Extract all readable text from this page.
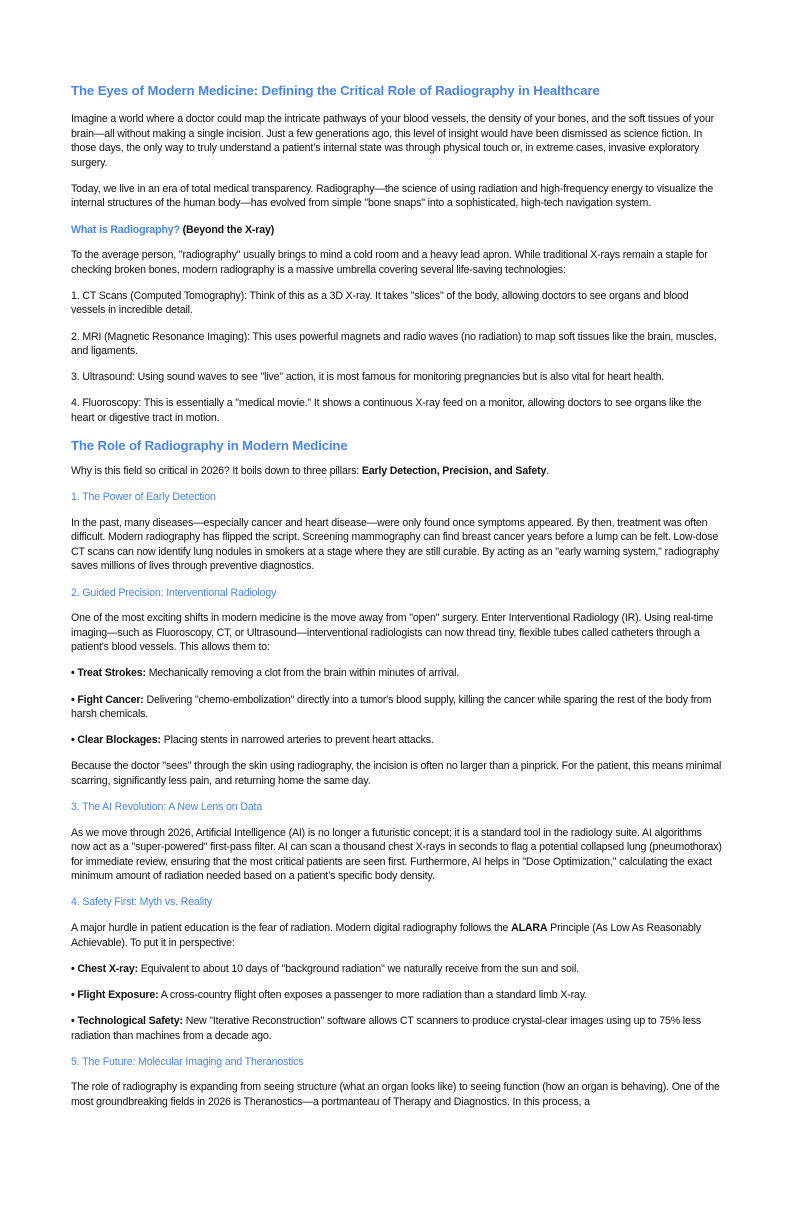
The Eyes of Modern Medicine: Defining the Critical Role of Radiography in Healthcare

Imagine a world where a doctor could map the intricate pathways of your blood vessels, the density of your bones, and the soft tissues of your brain—all without making a single incision. Just a few generations ago, this level of insight would have been dismissed as science fiction. In those days, the only way to truly understand a patient’s internal state was through physical touch or, in extreme cases, invasive exploratory surgery.

Today, we live in an era of total medical transparency. Radiography—the science of using radiation and high-frequency energy to visualize the internal structures of the human body—has evolved from simple "bone snaps" into a sophisticated, high-tech navigation system.

What is Radiography? (Beyond the X-ray)

To the average person, "radiography" usually brings to mind a cold room and a heavy lead apron. While traditional X-rays remain a staple for checking broken bones, modern radiography is a massive umbrella covering several life-saving technologies:

1. CT Scans (Computed Tomography): Think of this as a 3D X-ray. It takes "slices" of the body, allowing doctors to see organs and blood vessels in incredible detail.

2. MRI (Magnetic Resonance Imaging): This uses powerful magnets and radio waves (no radiation) to map soft tissues like the brain, muscles, and ligaments.

3. Ultrasound: Using sound waves to see "live" action, it is most famous for monitoring pregnancies but is also vital for heart health.

4. Fluoroscopy: This is essentially a "medical movie." It shows a continuous X-ray feed on a monitor, allowing doctors to see organs like the heart or digestive tract in motion.

The Role of Radiography in Modern Medicine

Why is this field so critical in 2026? It boils down to three pillars: Early Detection, Precision, and Safety.

1. The Power of Early Detection

In the past, many diseases—especially cancer and heart disease—were only found once symptoms appeared. By then, treatment was often difficult. Modern radiography has flipped the script. Screening mammography can find breast cancer years before a lump can be felt. Low-dose CT scans can now identify lung nodules in smokers at a stage where they are still curable. By acting as an "early warning system," radiography saves millions of lives through preventive diagnostics.

2. Guided Precision: Interventional Radiology

One of the most exciting shifts in modern medicine is the move away from "open" surgery. Enter Interventional Radiology (IR). Using real-time imaging—such as Fluoroscopy, CT, or Ultrasound—interventional radiologists can now thread tiny, flexible tubes called catheters through a patient's blood vessels. This allows them to:

• Treat Strokes: Mechanically removing a clot from the brain within minutes of arrival.

• Fight Cancer: Delivering "chemo-embolization" directly into a tumor's blood supply, killing the cancer while sparing the rest of the body from harsh chemicals.

• Clear Blockages: Placing stents in narrowed arteries to prevent heart attacks.

Because the doctor "sees" through the skin using radiography, the incision is often no larger than a pinprick. For the patient, this means minimal scarring, significantly less pain, and returning home the same day.

3. The AI Revolution: A New Lens on Data

As we move through 2026, Artificial Intelligence (AI) is no longer a futuristic concept; it is a standard tool in the radiology suite. AI algorithms now act as a "super-powered" first-pass filter. AI can scan a thousand chest X-rays in seconds to flag a potential collapsed lung (pneumothorax) for immediate review, ensuring that the most critical patients are seen first. Furthermore, AI helps in "Dose Optimization," calculating the exact minimum amount of radiation needed based on a patient’s specific body density.

4. Safety First: Myth vs. Reality

A major hurdle in patient education is the fear of radiation. Modern digital radiography follows the ALARA Principle (As Low As Reasonably Achievable). To put it in perspective:

• Chest X-ray: Equivalent to about 10 days of "background radiation" we naturally receive from the sun and soil.

• Flight Exposure: A cross-country flight often exposes a passenger to more radiation than a standard limb X-ray.

• Technological Safety: New "Iterative Reconstruction" software allows CT scanners to produce crystal-clear images using up to 75% less radiation than machines from a decade ago.

5. The Future: Molecular Imaging and Theranostics

The role of radiography is expanding from seeing structure (what an organ looks like) to seeing function (how an organ is behaving). One of the most groundbreaking fields in 2026 is Theranostics—a portmanteau of Therapy and Diagnostics. In this process, a
